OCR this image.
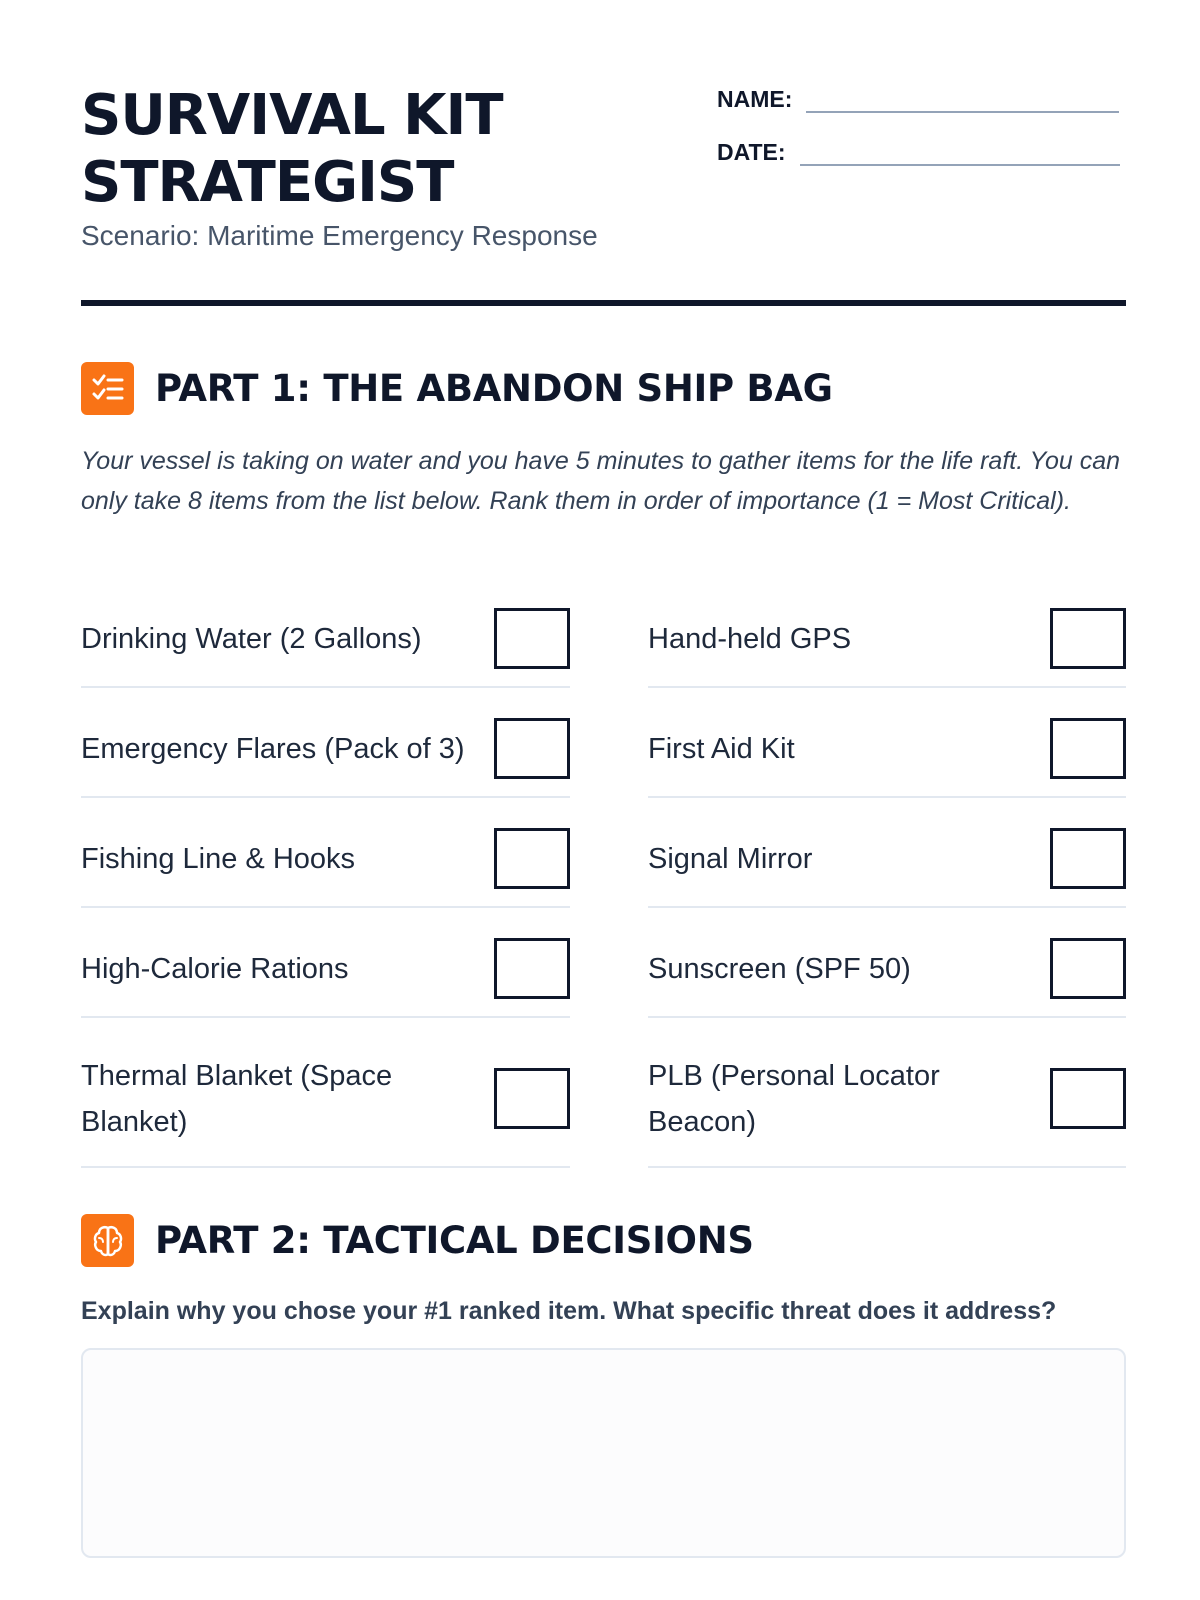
SURVIVAL KIT
STRATEGIST
Scenario: Maritime Emergency Response
NAME:
DATE:
PART 1: THE ABANDON SHIP BAG

Your vessel is taking on water and you have 5 minutes to gather items for the life raft. You can only take 8 items from the list below. Rank them in order of importance (1 = Most Critical).

Drinking Water (2 Gallons)
Emergency Flares (Pack of 3)
Fishing Line & Hooks
High-Calorie Rations
Thermal Blanket (Space Blanket)
Hand-held GPS
First Aid Kit
Signal Mirror
Sunscreen (SPF 50)
PLB (Personal Locator Beacon)
PART 2: TACTICAL DECISIONS

Explain why you chose your #1 ranked item. What specific threat does it address?
